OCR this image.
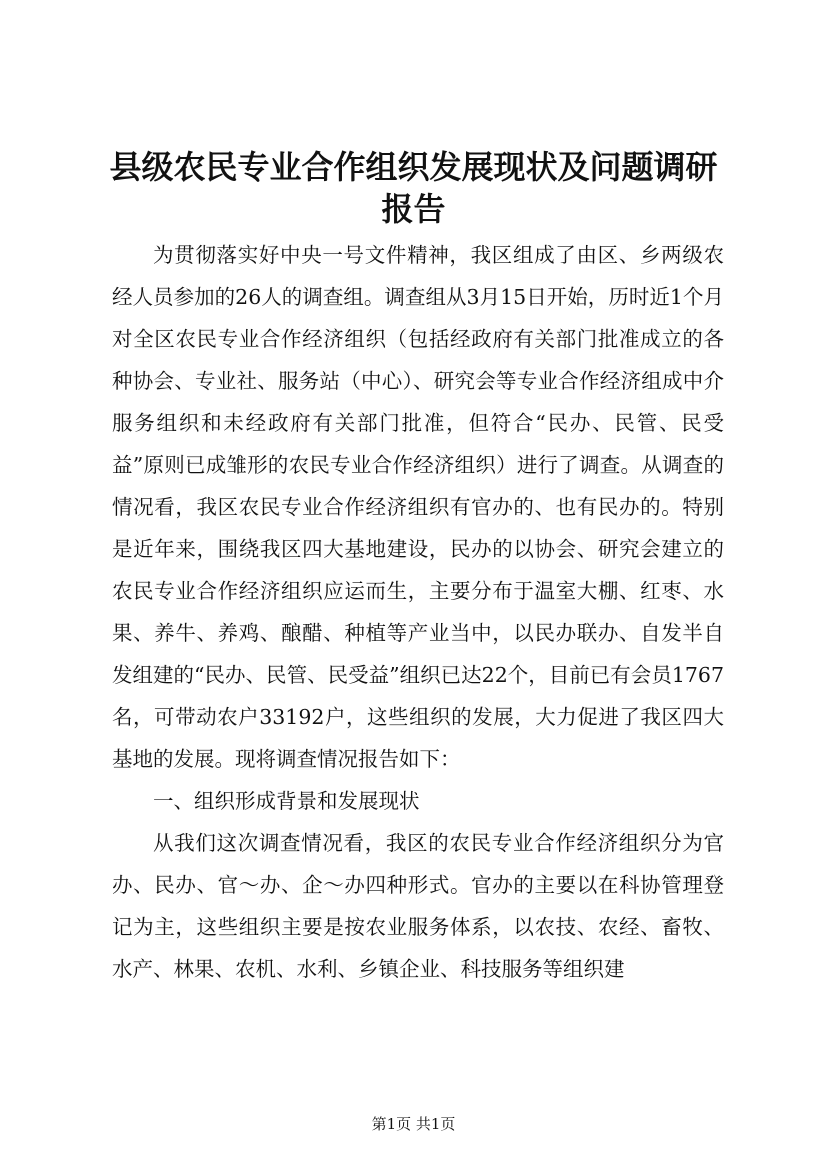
县级农民专业合作组织发展现状及问题调研报告

为贯彻落实好中央一号文件精神，我区组成了由区、乡两级农经人员参加的26人的调查组。调查组从3月15日开始，历时近1个月对全区农民专业合作经济组织（包括经政府有关部门批准成立的各种协会、专业社、服务站（中心）、研究会等专业合作经济组成中介服务组织和未经政府有关部门批准，但符合“民办、民管、民受益”原则已成雏形的农民专业合作经济组织）进行了调查。从调查的情况看，我区农民专业合作经济组织有官办的、也有民办的。特别是近年来，围绕我区四大基地建设，民办的以协会、研究会建立的农民专业合作经济组织应运而生，主要分布于温室大棚、红枣、水果、养牛、养鸡、酿醋、种植等产业当中，以民办联办、自发半自发组建的“民办、民管、民受益”组织已达22个，目前已有会员1767名，可带动农户33192户，这些组织的发展，大力促进了我区四大基地的发展。现将调查情况报告如下：

一、组织形成背景和发展现状

从我们这次调查情况看，我区的农民专业合作经济组织分为官办、民办、官～办、企～办四种形式。官办的主要以在科协管理登记为主，这些组织主要是按农业服务体系，以农技、农经、畜牧、水产、林果、农机、水利、乡镇企业、科技服务等组织建

第1页 共1页
